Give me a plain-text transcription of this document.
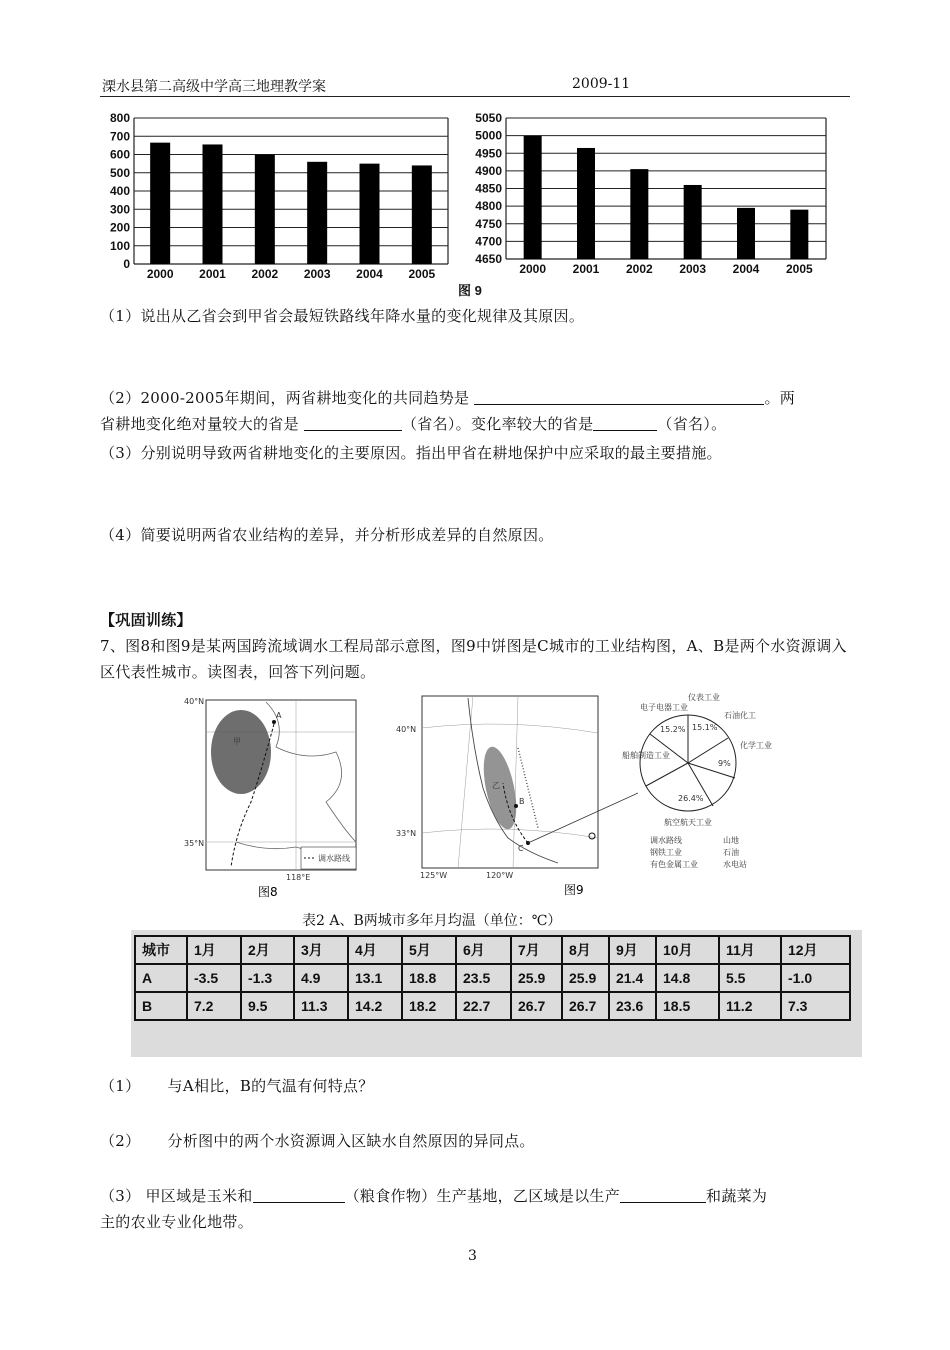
溧水县第二高级中学高三地理教学案	2009-11
0
100
200
300
400
500
600
700
800
2000 2001 2002 2003 2004 2005
4650
4700
4750
4800
4850
4900
4950
5000
5050
2000 2001 2002 2003 2004 2005
图 9
（1）说出从乙省会到甲省会最短铁路线年降水量的变化规律及其原因。
（2）2000-2005年期间，两省耕地变化的共同趋势是	。两
省耕地变化绝对量较大的省是	（省名）。变化率较大的省是	（省名）。
（3）分别说明导致两省耕地变化的主要原因。指出甲省在耕地保护中应采取的最主要措施。
（4）简要说明两省农业结构的差异，并分析形成差异的自然原因。
【巩固训练】
7、图8和图9是某两国跨流域调水工程局部示意图，图9中饼图是C城市的工业结构图，A、B是两个水资源调入区代表性城市。读图表，回答下列问题。
调水路线
40°N
35°N
118°E
甲
A
图8
电子电器工业
仪表工业
石油化工
化学工业
航空航天工业
船舶制造工业
15.2% 15.1%
9%
26.4%
40°N
33°N
125°W	120°W
乙
B
C
调水路线	山地
钢铁工业	石油
有色金属工业	水电站
图9
表2 A、B两城市多年月均温（单位：℃）
城市	1月	2月	3月	4月	5月	6月	7月	8月	9月	10月	11月	12月
A	-3.5	-1.3	4.9	13.1	18.8	23.5	25.9	25.9	21.4	14.8	5.5	-1.0
B	7.2	9.5	11.3	14.2	18.2	22.7	26.7	26.7	23.6	18.5	11.2	7.3
（1） 与A相比，B的气温有何特点？
（2） 分析图中的两个水资源调入区缺水自然原因的异同点。
（3） 甲区域是玉米和	（粮食作物）生产基地，乙区域是以生产	和蔬菜为
主的农业专业化地带。
3
